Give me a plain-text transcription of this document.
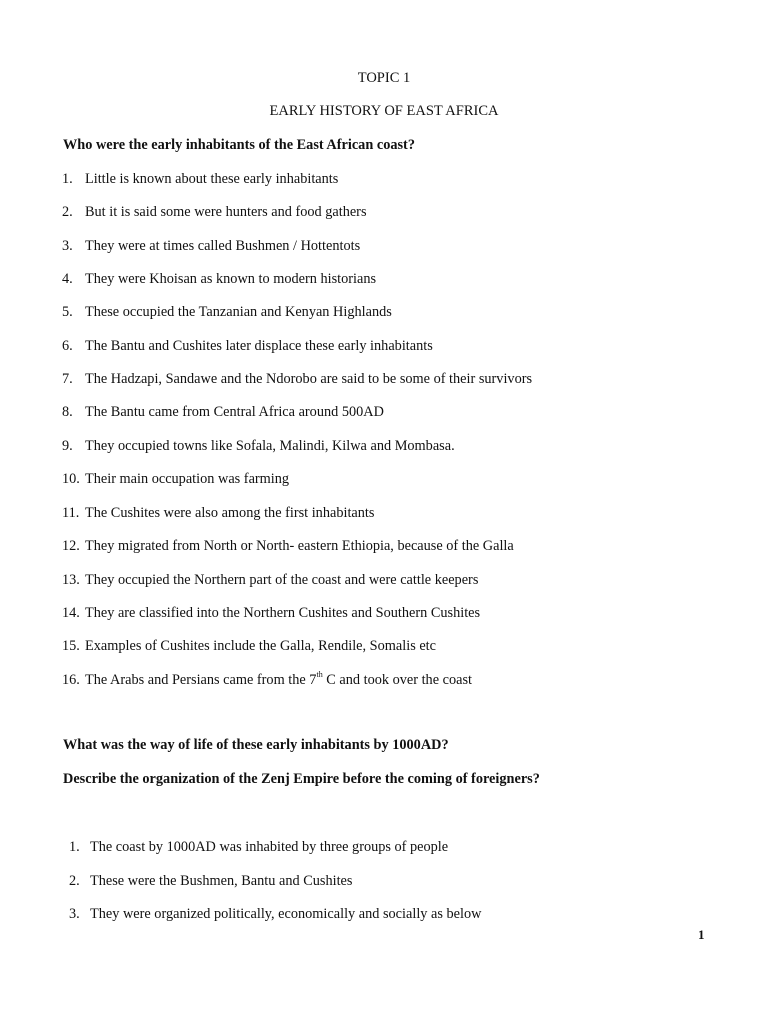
TOPIC 1
EARLY HISTORY OF EAST AFRICA
Who were the early inhabitants of the East African coast?
1. Little is known about these early inhabitants
2. But it is said some were hunters and food gathers
3. They were at times called Bushmen / Hottentots
4. They were Khoisan as known to modern historians
5. These occupied the Tanzanian and Kenyan Highlands
6. The Bantu and Cushites later displace these early inhabitants
7. The Hadzapi, Sandawe and the Ndorobo are said to be some of their survivors
8. The Bantu came from Central Africa around 500AD
9. They occupied towns like Sofala, Malindi, Kilwa and Mombasa.
10. Their main occupation was farming
11. The Cushites were also among the first inhabitants
12. They migrated from North or North- eastern Ethiopia, because of the Galla
13. They occupied the Northern part of the coast and were cattle keepers
14. They are classified into the Northern Cushites and Southern Cushites
15. Examples of Cushites include the Galla, Rendile, Somalis etc
16. The Arabs and Persians came from the 7th C and took over the coast
What was the way of life of these early inhabitants by 1000AD?
Describe the organization of the Zenj Empire before the coming of foreigners?
1. The coast by 1000AD was inhabited by three groups of people
2. These were the Bushmen, Bantu and Cushites
3. They were organized politically, economically and socially as below
1
